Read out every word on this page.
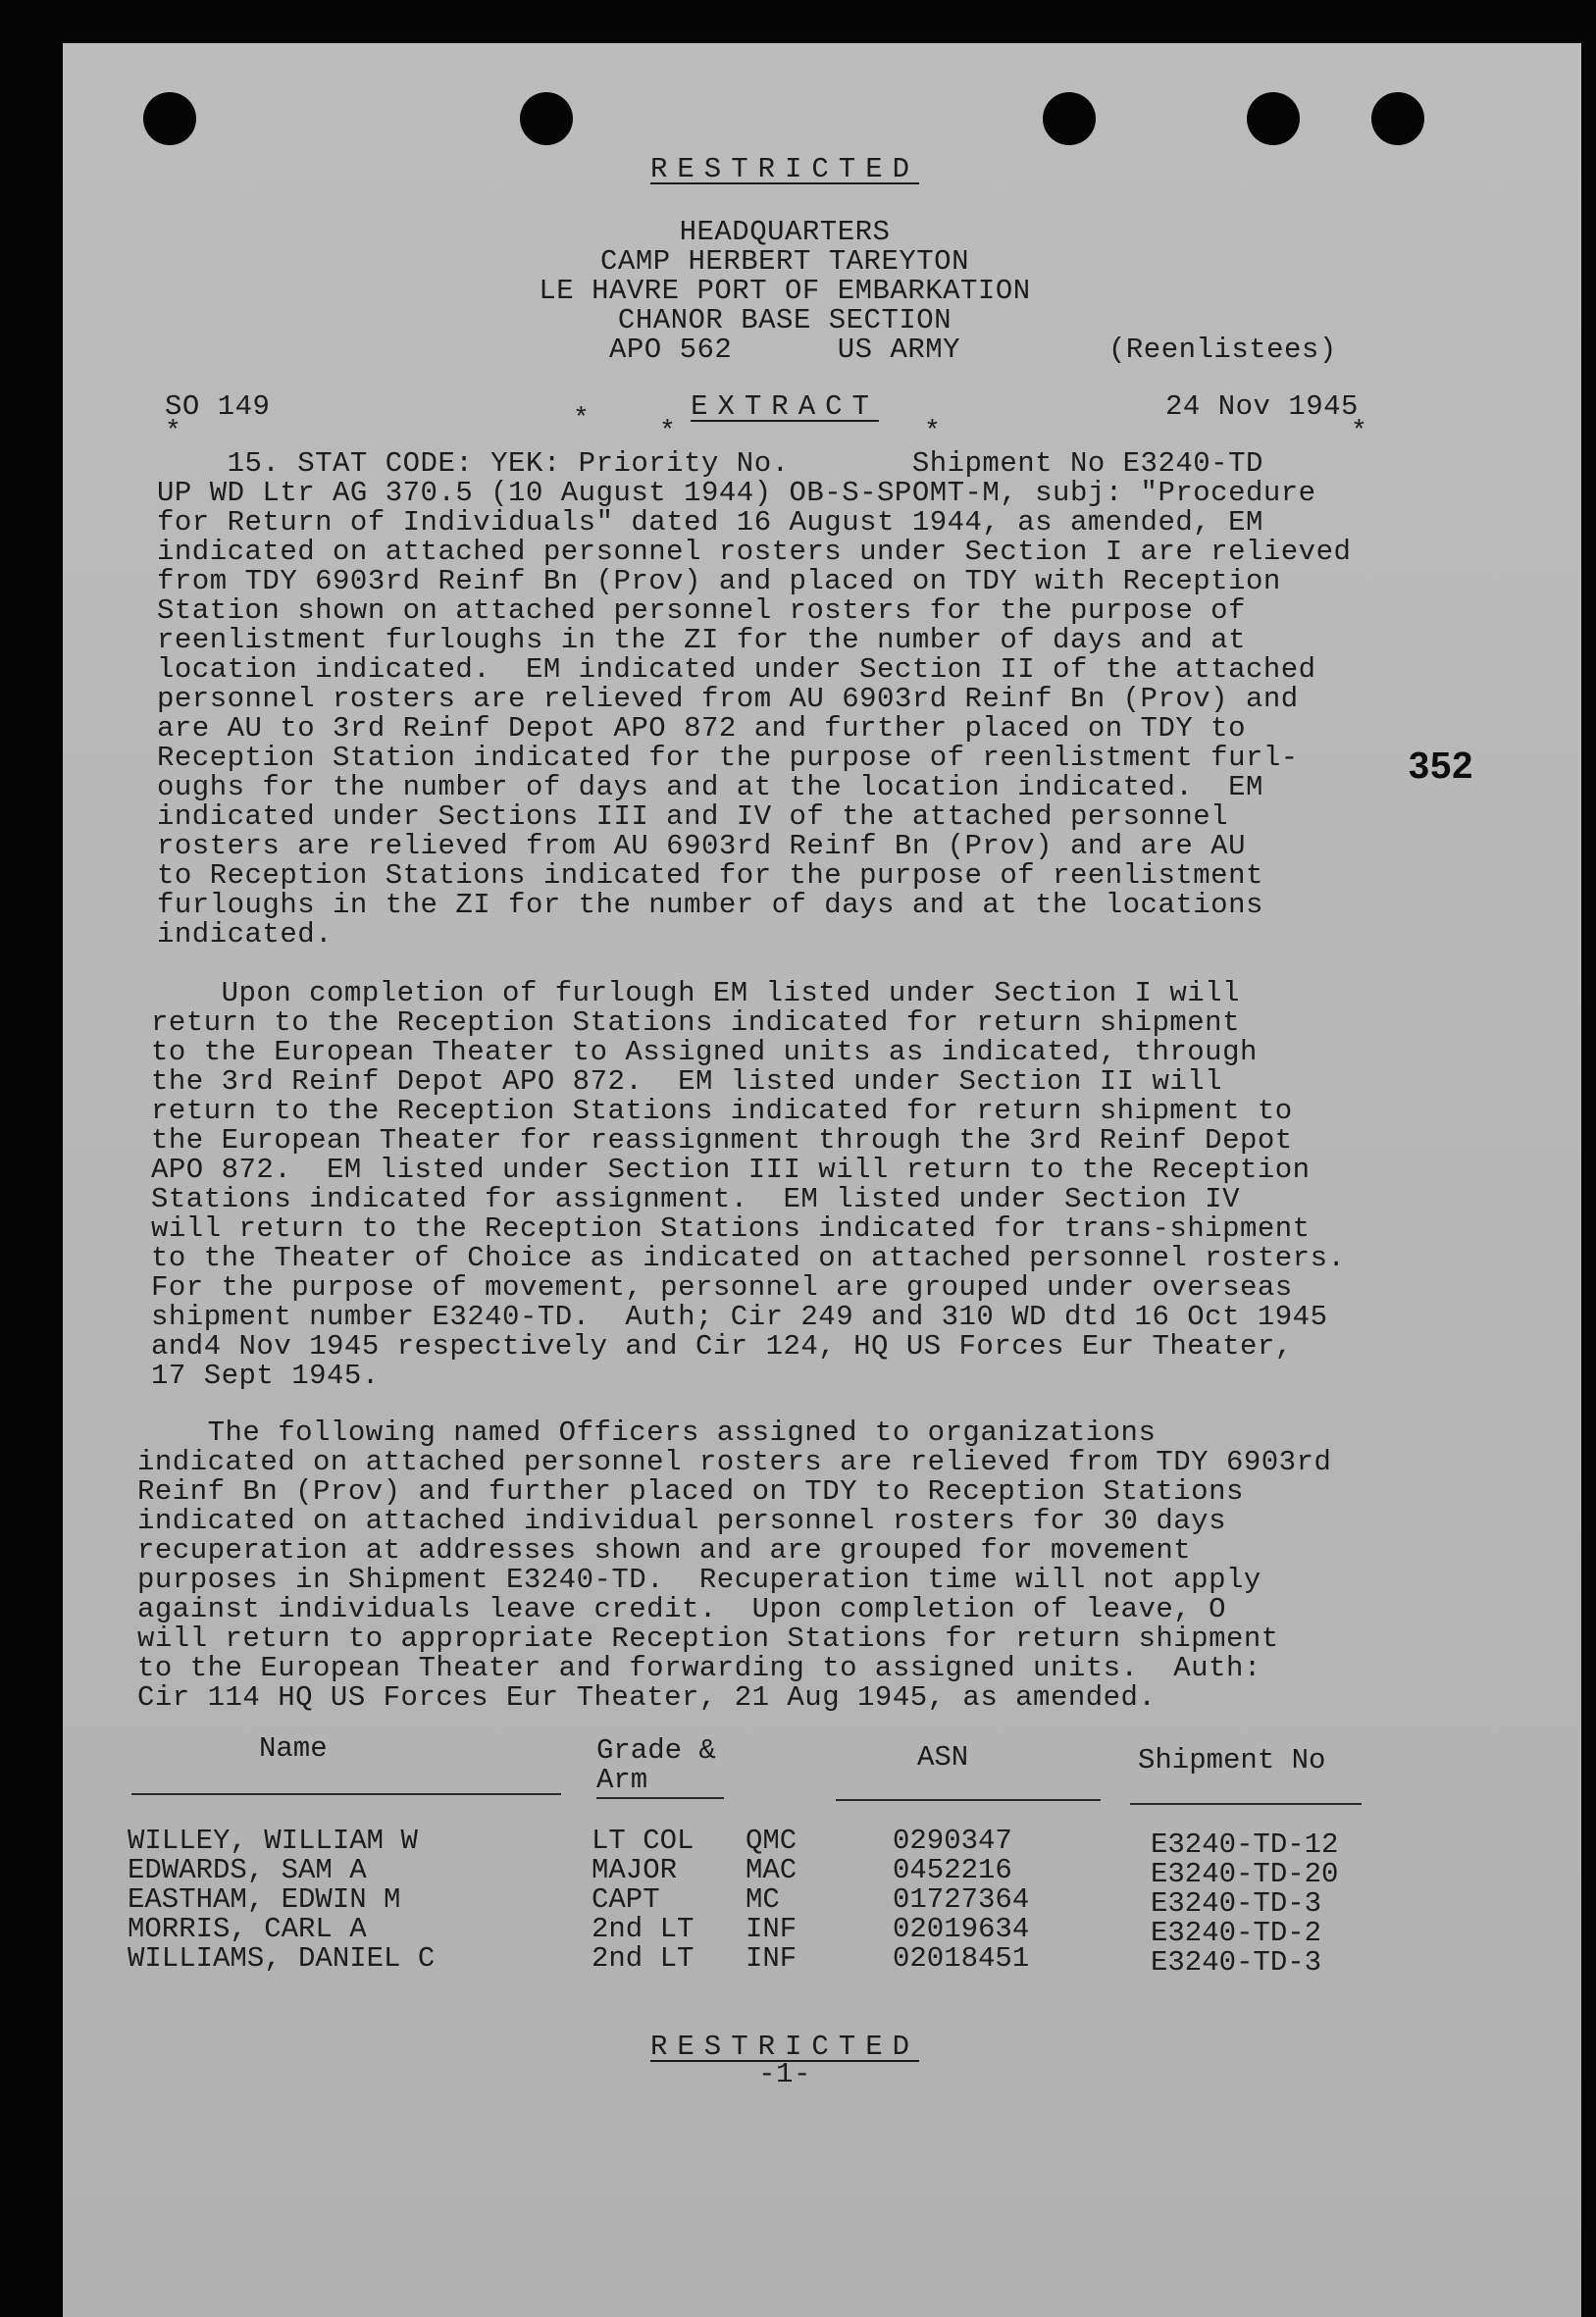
RESTRICTED
HEADQUARTERS
CAMP HERBERT TAREYTON
LE HAVRE PORT OF EMBARKATION
CHANOR BASE SECTION
APO 562      US ARMY	(Reenlistees)
SO 149	EXTRACT	24 Nov 1945
*	*	*	*	*
15. STAT CODE: YEK: Priority No.       Shipment No E3240-TD
UP WD Ltr AG 370.5 (10 August 1944) OB-S-SPOMT-M, subj: "Procedure
for Return of Individuals" dated 16 August 1944, as amended, EM
indicated on attached personnel rosters under Section I are relieved
from TDY 6903rd Reinf Bn (Prov) and placed on TDY with Reception
Station shown on attached personnel rosters for the purpose of
reenlistment furloughs in the ZI for the number of days and at
location indicated.  EM indicated under Section II of the attached
personnel rosters are relieved from AU 6903rd Reinf Bn (Prov) and
are AU to 3rd Reinf Depot APO 872 and further placed on TDY to
Reception Station indicated for the purpose of reenlistment furl-
oughs for the number of days and at the location indicated.  EM
indicated under Sections III and IV of the attached personnel
rosters are relieved from AU 6903rd Reinf Bn (Prov) and are AU
to Reception Stations indicated for the purpose of reenlistment
furloughs in the ZI for the number of days and at the locations
indicated.
352
Upon completion of furlough EM listed under Section I will
return to the Reception Stations indicated for return shipment
to the European Theater to Assigned units as indicated, through
the 3rd Reinf Depot APO 872.  EM listed under Section II will
return to the Reception Stations indicated for return shipment to
the European Theater for reassignment through the 3rd Reinf Depot
APO 872.  EM listed under Section III will return to the Reception
Stations indicated for assignment.  EM listed under Section IV
will return to the Reception Stations indicated for trans-shipment
to the Theater of Choice as indicated on attached personnel rosters.
For the purpose of movement, personnel are grouped under overseas
shipment number E3240-TD.  Auth; Cir 249 and 310 WD dtd 16 Oct 1945
and4 Nov 1945 respectively and Cir 124, HQ US Forces Eur Theater,
17 Sept 1945.
The following named Officers assigned to organizations
indicated on attached personnel rosters are relieved from TDY 6903rd
Reinf Bn (Prov) and further placed on TDY to Reception Stations
indicated on attached individual personnel rosters for 30 days
recuperation at addresses shown and are grouped for movement
purposes in Shipment E3240-TD.  Recuperation time will not apply
against individuals leave credit.  Upon completion of leave, O
will return to appropriate Reception Stations for return shipment
to the European Theater and forwarding to assigned units.  Auth:
Cir 114 HQ US Forces Eur Theater, 21 Aug 1945, as amended.
Name	Grade &
Arm
ASN	Shipment No
WILLEY, WILLIAM W	LT COL QMC	0290347	E3240-TD-12
EDWARDS, SAM A	MAJOR MAC	0452216	E3240-TD-20
EASTHAM, EDWIN M	CAPT	MC	01727364	E3240-TD-3
MORRIS, CARL A	2nd LT INF	02019634	E3240-TD-2
WILLIAMS, DANIEL C	2nd LT INF	02018451	E3240-TD-3
RESTRICTED
-1-
